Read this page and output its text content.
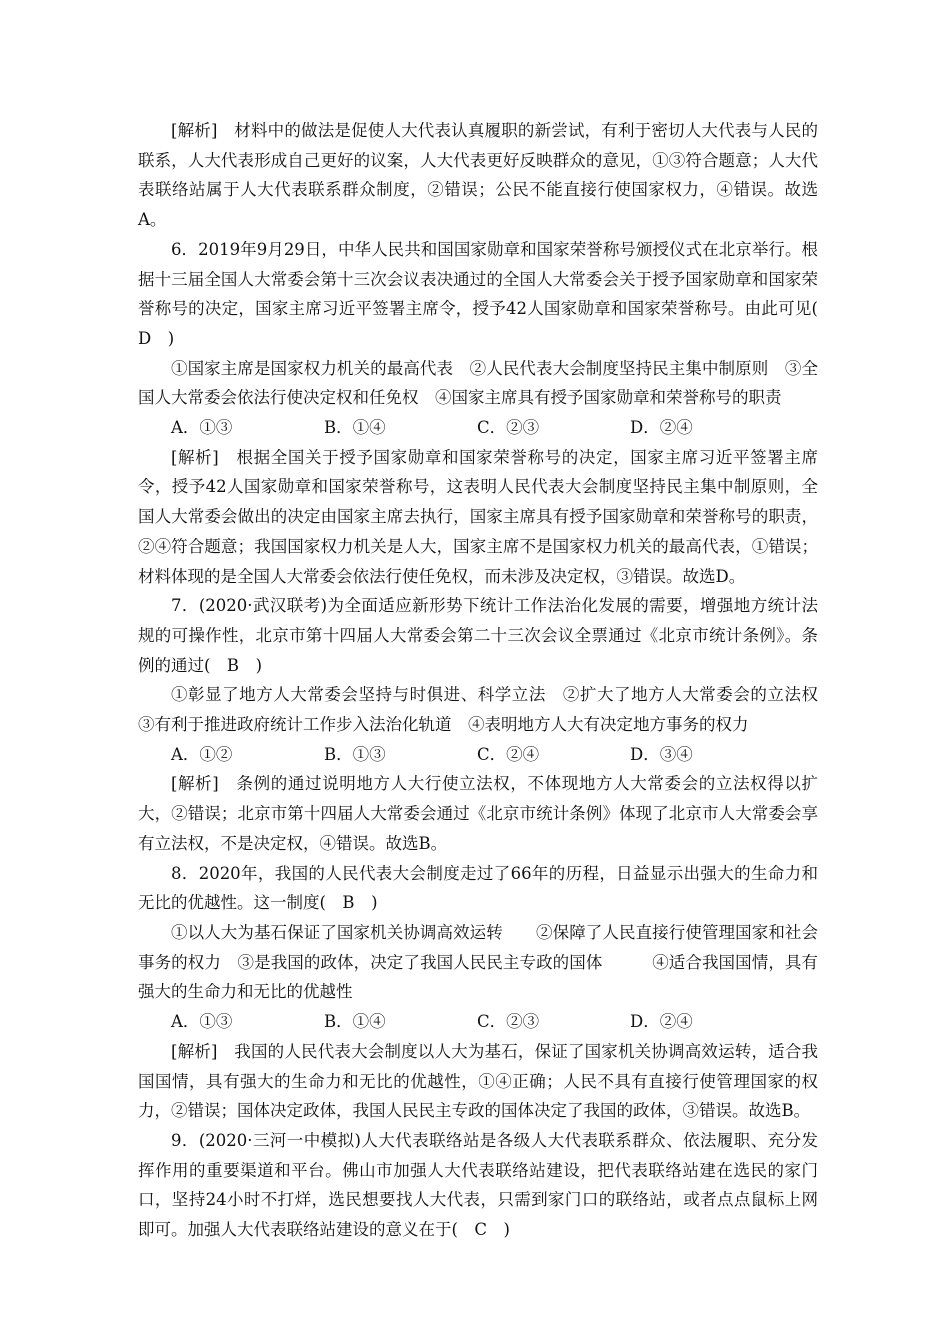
[解析]　材料中的做法是促使人大代表认真履职的新尝试，有利于密切人大代表与人民的联系，人大代表形成自己更好的议案，人大代表更好反映群众的意见，①③符合题意；人大代表联络站属于人大代表联系群众制度，②错误；公民不能直接行使国家权力，④错误。故选A。

6．2019年9月29日，中华人民共和国国家勋章和国家荣誉称号颁授仪式在北京举行。根据十三届全国人大常委会第十三次会议表决通过的全国人大常委会关于授予国家勋章和国家荣誉称号的决定，国家主席习近平签署主席令，授予42人国家勋章和国家荣誉称号。由此可见(　D　)

①国家主席是国家权力机关的最高代表　②人民代表大会制度坚持民主集中制原则　③全国人大常委会依法行使决定权和任免权　④国家主席具有授予国家勋章和荣誉称号的职责

A．①③	B．①④	C．②③	D．②④

[解析]　根据全国关于授予国家勋章和国家荣誉称号的决定，国家主席习近平签署主席令，授予42人国家勋章和国家荣誉称号，这表明人民代表大会制度坚持民主集中制原则，全国人大常委会做出的决定由国家主席去执行，国家主席具有授予国家勋章和荣誉称号的职责，②④符合题意；我国国家权力机关是人大，国家主席不是国家权力机关的最高代表，①错误；材料体现的是全国人大常委会依法行使任免权，而未涉及决定权，③错误。故选D。

7．(2020·武汉联考)为全面适应新形势下统计工作法治化发展的需要，增强地方统计法规的可操作性，北京市第十四届人大常委会第二十三次会议全票通过《北京市统计条例》。条例的通过(　B　)

①彰显了地方人大常委会坚持与时俱进、科学立法　②扩大了地方人大常委会的立法权　③有利于推进政府统计工作步入法治化轨道　④表明地方人大有决定地方事务的权力

A．①②	B．①③	C．②④	D．③④

[解析]　条例的通过说明地方人大行使立法权，不体现地方人大常委会的立法权得以扩大，②错误；北京市第十四届人大常委会通过《北京市统计条例》体现了北京市人大常委会享有立法权，不是决定权，④错误。故选B。

8．2020年，我国的人民代表大会制度走过了66年的历程，日益显示出强大的生命力和无比的优越性。这一制度(　B　)

①以人大为基石保证了国家机关协调高效运转　　②保障了人民直接行使管理国家和社会事务的权力　③是我国的政体，决定了我国人民民主专政的国体　　　④适合我国国情，具有强大的生命力和无比的优越性

A．①③	B．①④	C．②③	D．②④

[解析]　我国的人民代表大会制度以人大为基石，保证了国家机关协调高效运转，适合我国国情，具有强大的生命力和无比的优越性，①④正确；人民不具有直接行使管理国家的权力，②错误；国体决定政体，我国人民民主专政的国体决定了我国的政体，③错误。故选B。

9．(2020·三河一中模拟)人大代表联络站是各级人大代表联系群众、依法履职、充分发挥作用的重要渠道和平台。佛山市加强人大代表联络站建设，把代表联络站建在选民的家门口，坚持24小时不打烊，选民想要找人大代表，只需到家门口的联络站，或者点点鼠标上网即可。加强人大代表联络站建设的意义在于(　C　)
